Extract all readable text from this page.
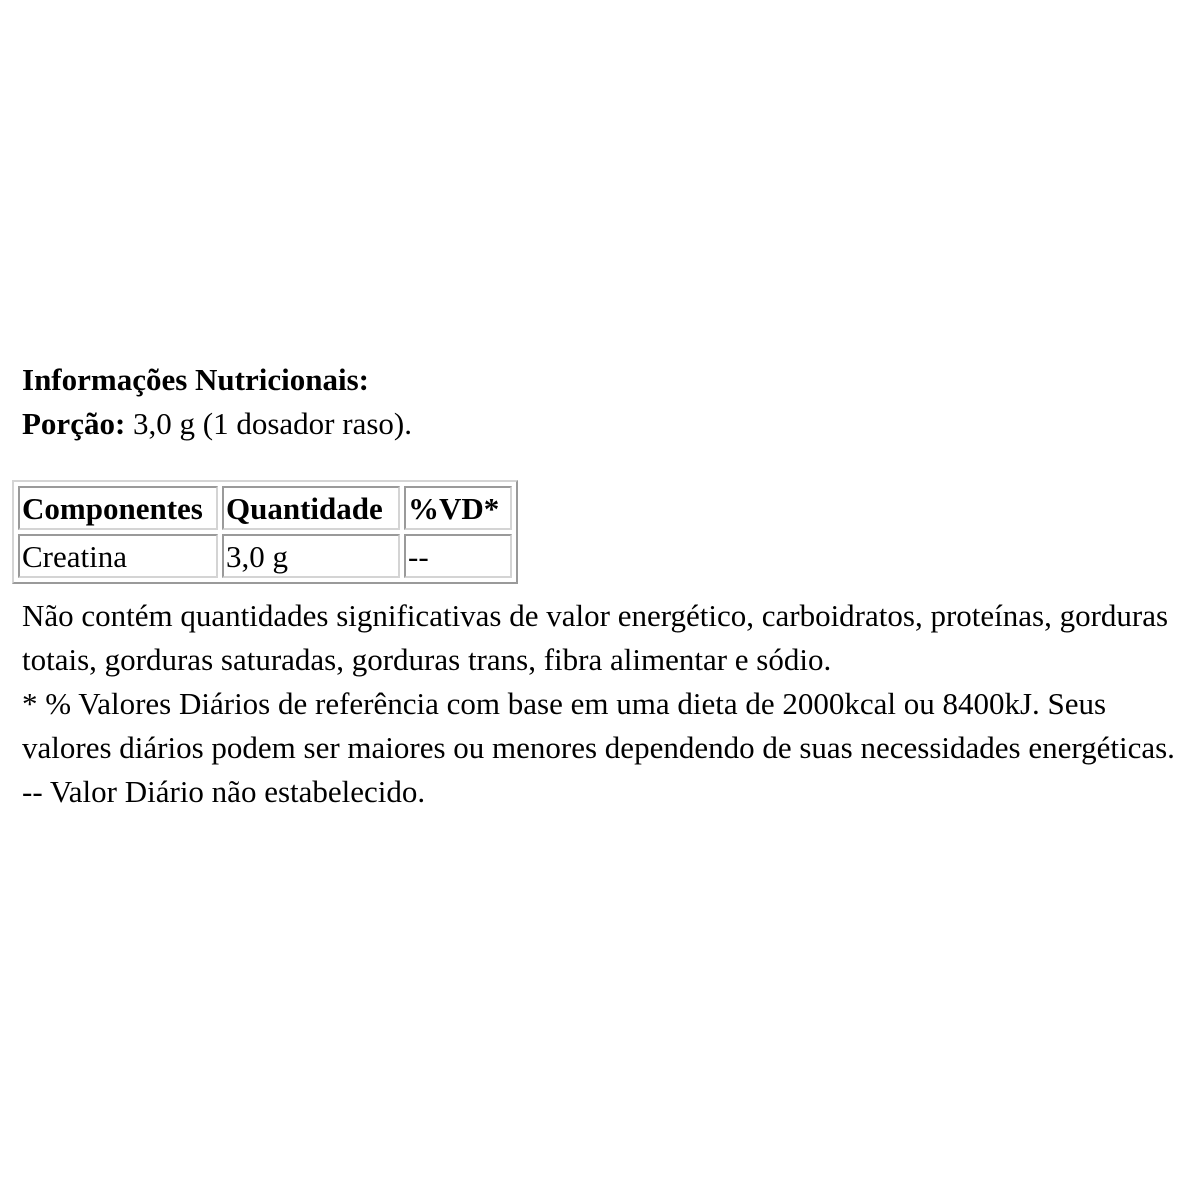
Informações Nutricionais:

Porção: 3,0 g (1 dosador raso).

Componentes	Quantidade	%VD*
Creatina	3,0 g	--

Não contém quantidades significativas de valor energético, carboidratos, proteínas, gorduras totais, gorduras saturadas, gorduras trans, fibra alimentar e sódio.

* % Valores Diários de referência com base em uma dieta de 2000kcal ou 8400kJ. Seus valores diários podem ser maiores ou menores dependendo de suas necessidades energéticas.

-- Valor Diário não estabelecido.
